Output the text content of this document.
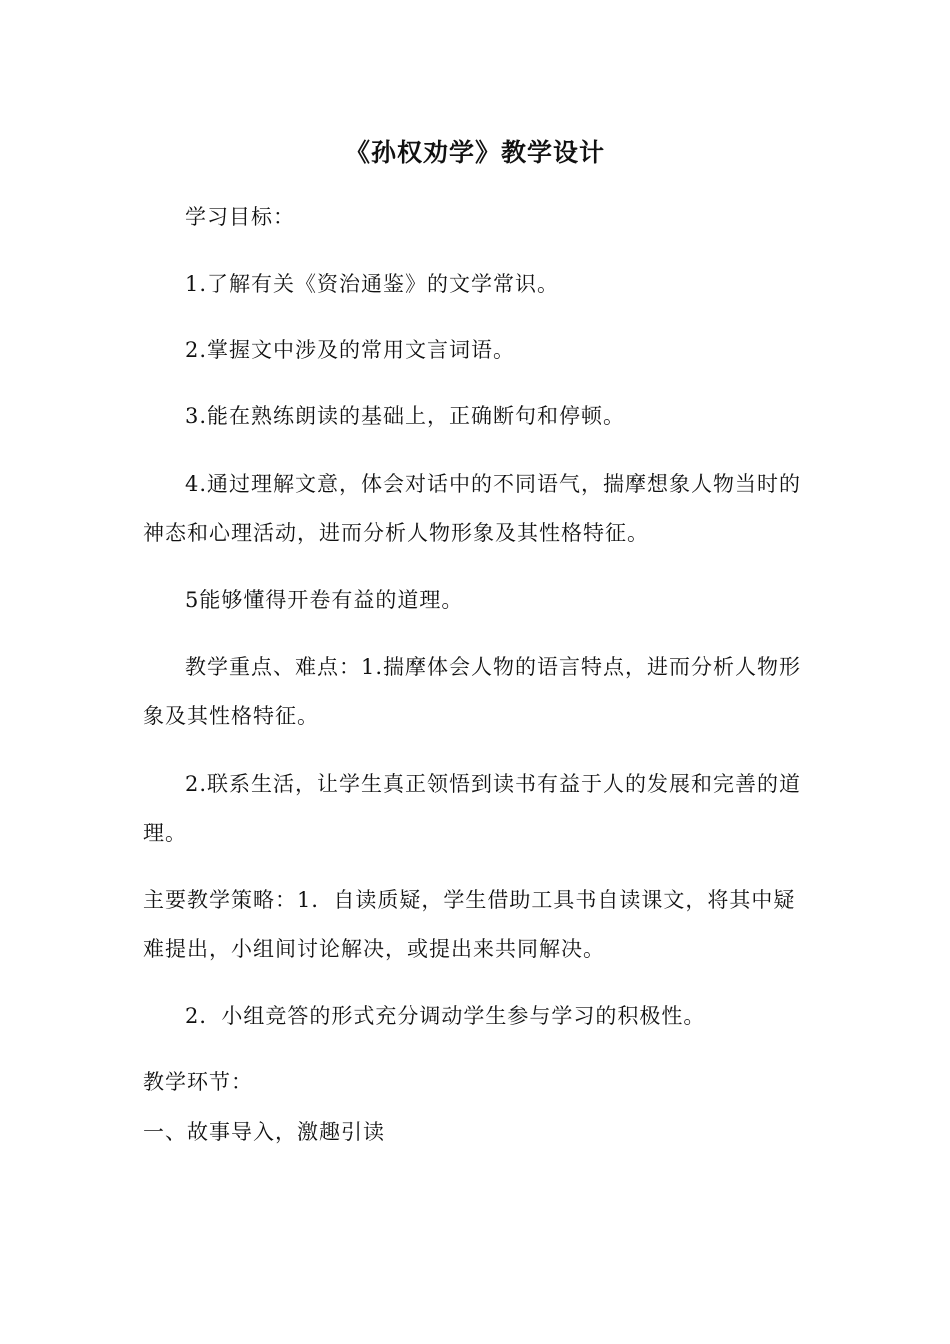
《孙权劝学》教学设计

学习目标：

1.了解有关《资治通鉴》的文学常识。

2.掌握文中涉及的常用文言词语。

3.能在熟练朗读的基础上，正确断句和停顿。

4.通过理解文意，体会对话中的不同语气，揣摩想象人物当时的神态和心理活动，进而分析人物形象及其性格特征。

5能够懂得开卷有益的道理。

教学重点、难点：1.揣摩体会人物的语言特点，进而分析人物形象及其性格特征。

2.联系生活，让学生真正领悟到读书有益于人的发展和完善的道理。

主要教学策略：1．自读质疑，学生借助工具书自读课文，将其中疑难提出，小组间讨论解决，或提出来共同解决。

2．小组竞答的形式充分调动学生参与学习的积极性。

教学环节：

一、故事导入，激趣引读
